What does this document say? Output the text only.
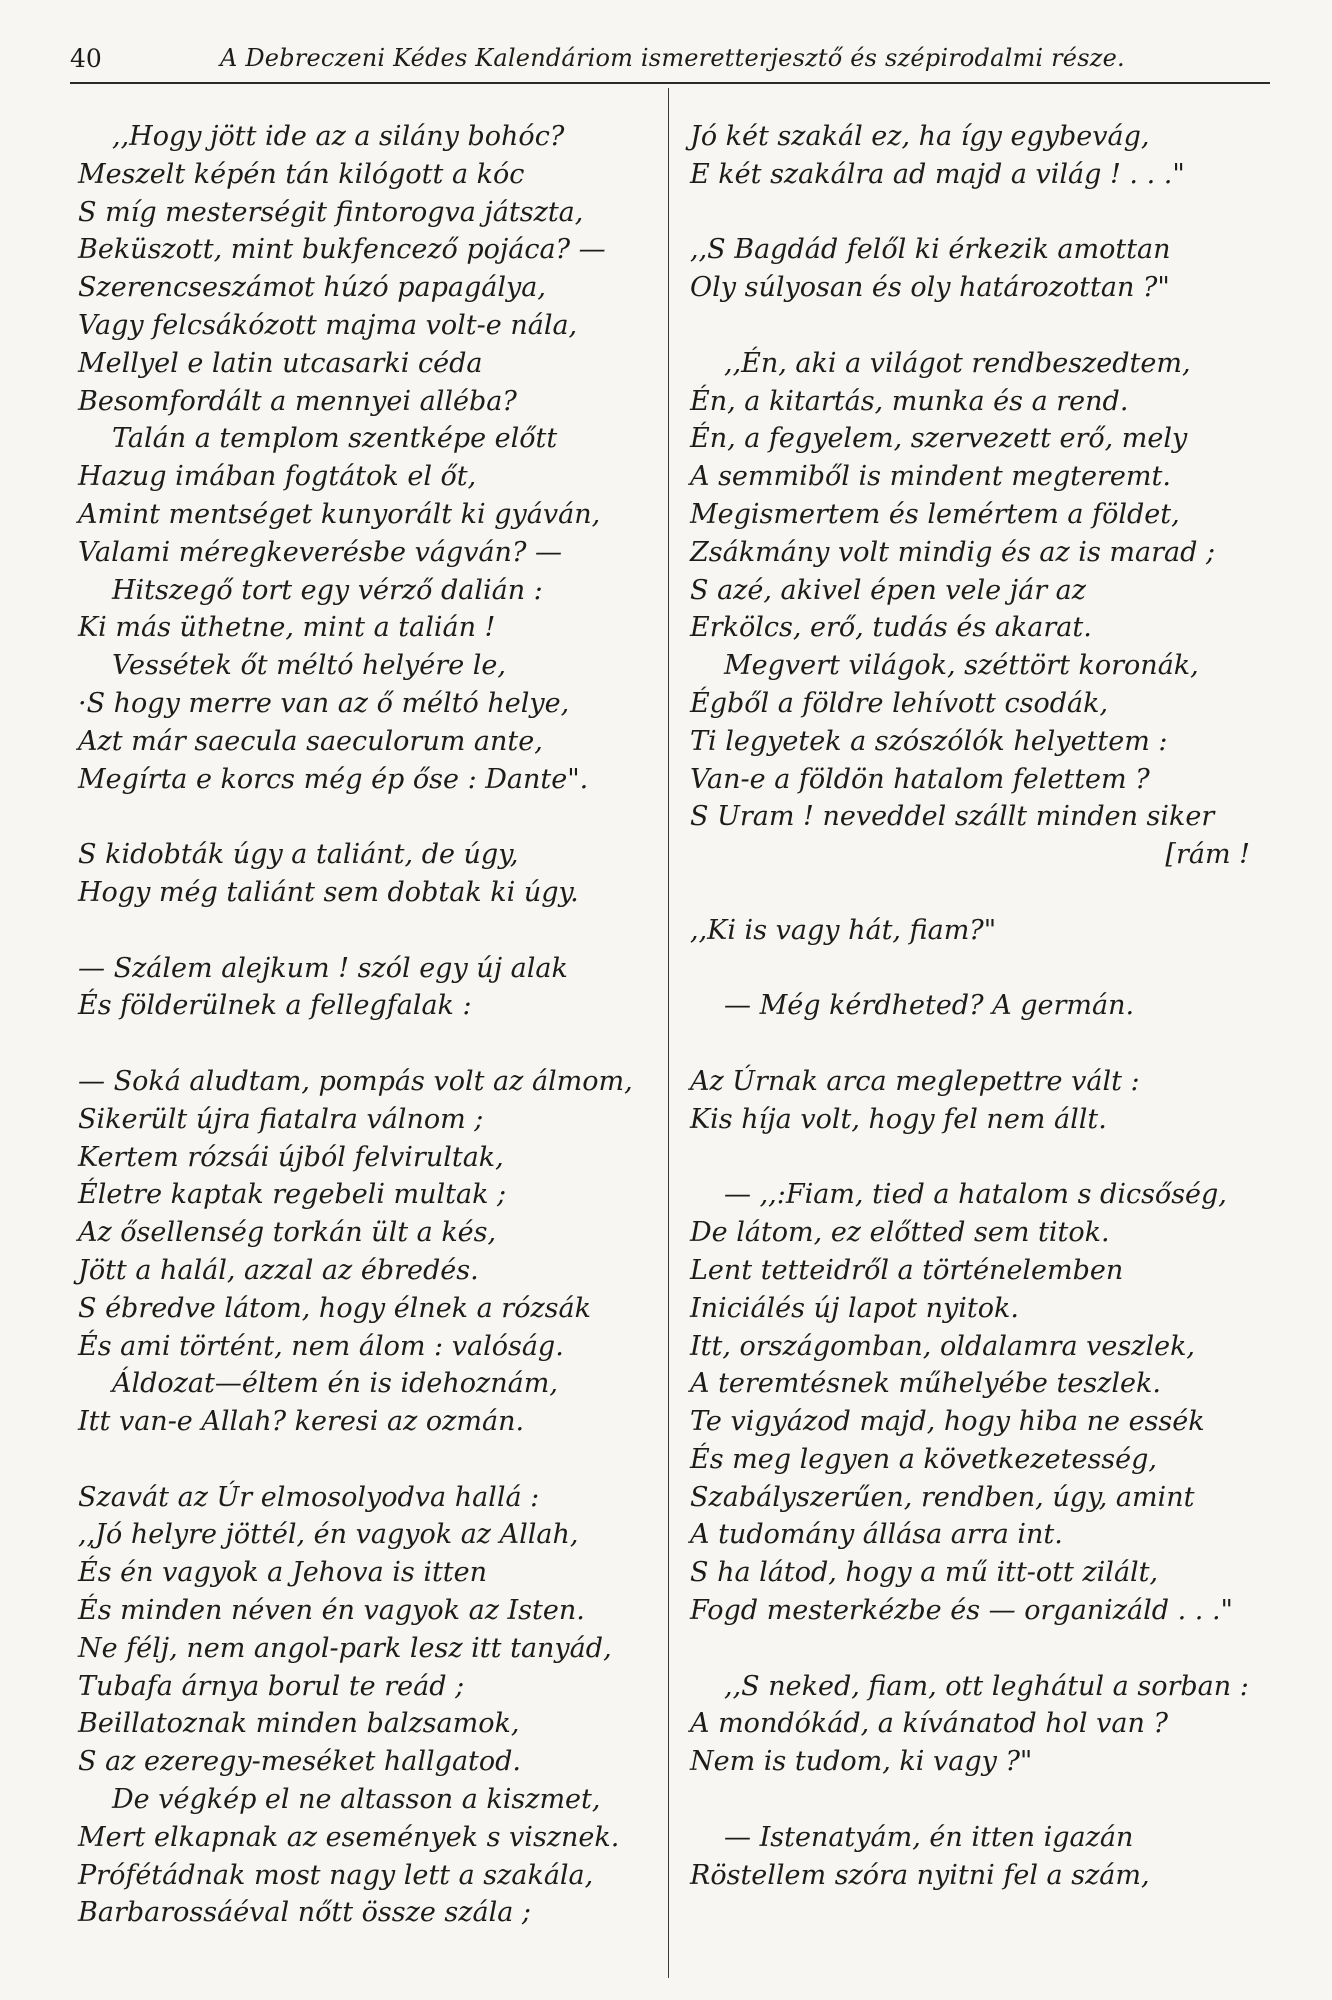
40	A Debreczeni Kédes Kalendáriom ismeretterjesztő és szépirodalmi része.
,,Hogy jött ide az a silány bohóc?
Meszelt képén tán kilógott a kóc
S míg mesterségit fintorogva játszta,
Beküszott, mint bukfencező pojáca? —
Szerencseszámot húzó papagálya,
Vagy felcsákózott majma volt-e nála,
Mellyel e latin utcasarki céda
Besomfordált a mennyei alléba?
Talán a templom szentképe előtt
Hazug imában fogtátok el őt,
Amint mentséget kunyorált ki gyáván,
Valami méregkeverésbe vágván? —
Hitszegő tort egy vérző dalián :
Ki más üthetne, mint a talián !
Vessétek őt méltó helyére le,
·S hogy merre van az ő méltó helye,
Azt már saecula saeculorum ante,
Megírta e korcs még ép őse : Dante".
S kidobták úgy a taliánt, de úgy,
Hogy még taliánt sem dobtak ki úgy.
— Szálem alejkum ! szól egy új alak
És földerülnek a fellegfalak :
— Soká aludtam, pompás volt az álmom,
Sikerült újra fiatalra válnom ;
Kertem rózsái újból felvirultak,
Életre kaptak regebeli multak ;
Az ősellenség torkán ült a kés,
Jött a halál, azzal az ébredés.
S ébredve látom, hogy élnek a rózsák
És ami történt, nem álom : valóság.
Áldozat—éltem én is idehoznám,
Itt van-e Allah? keresi az ozmán.
Szavát az Úr elmosolyodva hallá :
,,Jó helyre jöttél, én vagyok az Allah,
És én vagyok a Jehova is itten
És minden néven én vagyok az Isten.
Ne félj, nem angol-park lesz itt tanyád,
Tubafa árnya borul te reád ;
Beillatoznak minden balzsamok,
S az ezeregy-meséket hallgatod.
De végkép el ne altasson a kiszmet,
Mert elkapnak az események s visznek.
Prófétádnak most nagy lett a szakála,
Barbarossáéval nőtt össze szála ;
Jó két szakál ez, ha így egybevág,
E két szakálra ad majd a világ ! . . ."
,,S Bagdád felől ki érkezik amottan
Oly súlyosan és oly határozottan ?"
,,Én, aki a világot rendbeszedtem,
Én, a kitartás, munka és a rend.
Én, a fegyelem, szervezett erő, mely
A semmiből is mindent megteremt.
Megismertem és lemértem a földet,
Zsákmány volt mindig és az is marad ;
S azé, akivel épen vele jár az
Erkölcs, erő, tudás és akarat.
Megvert világok, széttört koronák,
Égből a földre lehívott csodák,
Ti legyetek a szószólók helyettem :
Van-e a földön hatalom felettem ?
S Uram ! neveddel szállt minden siker
[rám !
,,Ki is vagy hát, fiam?"
— Még kérdheted? A germán.
Az Úrnak arca meglepettre vált :
Kis híja volt, hogy fel nem állt.
— ,,:Fiam, tied a hatalom s dicsőség,
De látom, ez előtted sem titok.
Lent tetteidről a történelemben
Iniciálés új lapot nyitok.
Itt, országomban, oldalamra veszlek,
A teremtésnek műhelyébe teszlek.
Te vigyázod majd, hogy hiba ne essék
És meg legyen a következetesség,
Szabályszerűen, rendben, úgy, amint
A tudomány állása arra int.
S ha látod, hogy a mű itt-ott zilált,
Fogd mesterkézbe és — organizáld . . ."
,,S neked, fiam, ott leghátul a sorban :
A mondókád, a kívánatod hol van ?
Nem is tudom, ki vagy ?"
— Istenatyám, én itten igazán
Röstellem szóra nyitni fel a szám,
